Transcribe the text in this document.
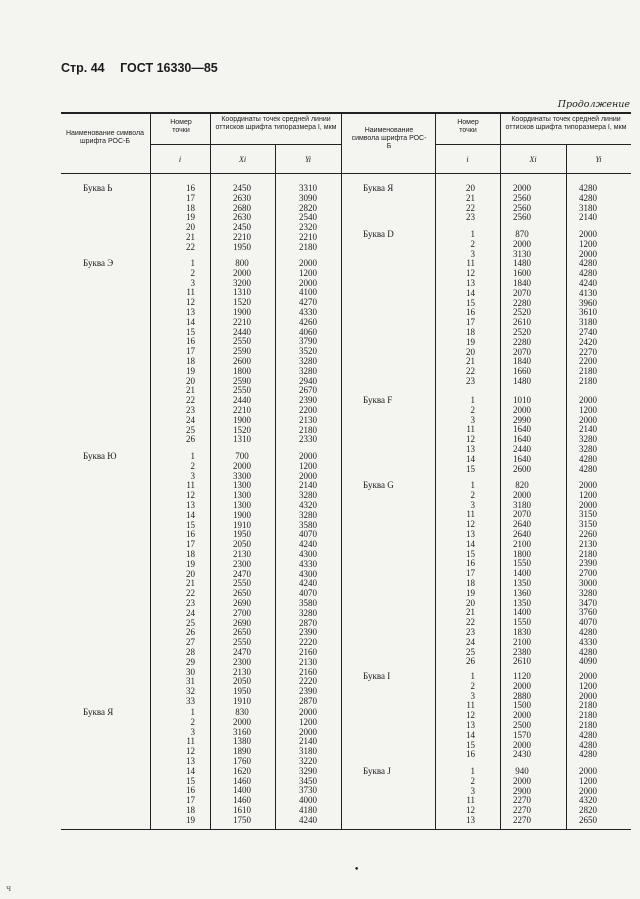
Стр. 44 ГОСТ 16330—85
Продолжение
Наименование символа шрифта РОС-Б
Номер точки
Координаты точек средней линии оттисков шрифта типоразмера I, мкм
i	Xi	Yi
Наименование символа шрифта РОС-Б
Номер точки
Координаты точек средней линии оттисков шрифта типоразмера I, мкм
i	Xi	Yi
Буква Ь	16	2450	3310
17	2630	3090
18	2680	2820
19	2630	2540
20	2450	2320
21	2210	2210
22	1950	2180
Буква Э	1	800	2000
2	2000	1200
3	3200	2000
11	1310	4100
12	1520	4270
13	1900	4330
14	2210	4260
15	2440	4060
16	2550	3790
17	2590	3520
18	2600	3280
19	1800	3280
20	2590	2940
21	2550	2670
22	2440	2390
23	2210	2200
24	1900	2130
25	1520	2180
26	1310	2330
Буква Ю	1	700	2000
2	2000	1200
3	3300	2000
11	1300	2140
12	1300	3280
13	1300	4320
14	1900	3280
15	1910	3580
16	1950	4070
17	2050	4240
18	2130	4300
19	2300	4330
20	2470	4300
21	2550	4240
22	2650	4070
23	2690	3580
24	2700	3280
25	2690	2870
26	2650	2390
27	2550	2220
28	2470	2160
29	2300	2130
30	2130	2160
31	2050	2220
32	1950	2390
33	1910	2870
Буква Я	1	830	2000
2	2000	1200
3	3160	2000
11	1380	2140
12	1890	3180
13	1760	3220
14	1620	3290
15	1460	3450
16	1400	3730
17	1460	4000
18	1610	4180
19	1750	4240
Буква Я	20	2000	4280
21	2560	4280
22	2560	3180
23	2560	2140
Буква D	1	870	2000
2	2000	1200
3	3130	2000
11	1480	4280
12	1600	4280
13	1840	4240
14	2070	4130
15	2280	3960
16	2520	3610
17	2610	3180
18	2520	2740
19	2280	2420
20	2070	2270
21	1840	2200
22	1660	2180
23	1480	2180
Буква F	1	1010	2000
2	2000	1200
3	2990	2000
11	1640	2140
12	1640	3280
13	2440	3280
14	1640	4280
15	2600	4280
Буква G	1	820	2000
2	2000	1200
3	3180	2000
11	2070	3150
12	2640	3150
13	2640	2260
14	2100	2130
15	1800	2180
16	1550	2390
17	1400	2700
18	1350	3000
19	1360	3280
20	1350	3470
21	1400	3760
22	1550	4070
23	1830	4280
24	2100	4330
25	2380	4280
26	2610	4090
Буква I	1	1120	2000
2	2000	1200
3	2880	2000
11	1500	2180
12	2000	2180
13	2500	2180
14	1570	4280
15	2000	4280
16	2430	4280
Буква J	1	940	2000
2	2000	1200
3	2900	2000
11	2270	4320
12	2270	2820
13	2270	2650
•
ч
